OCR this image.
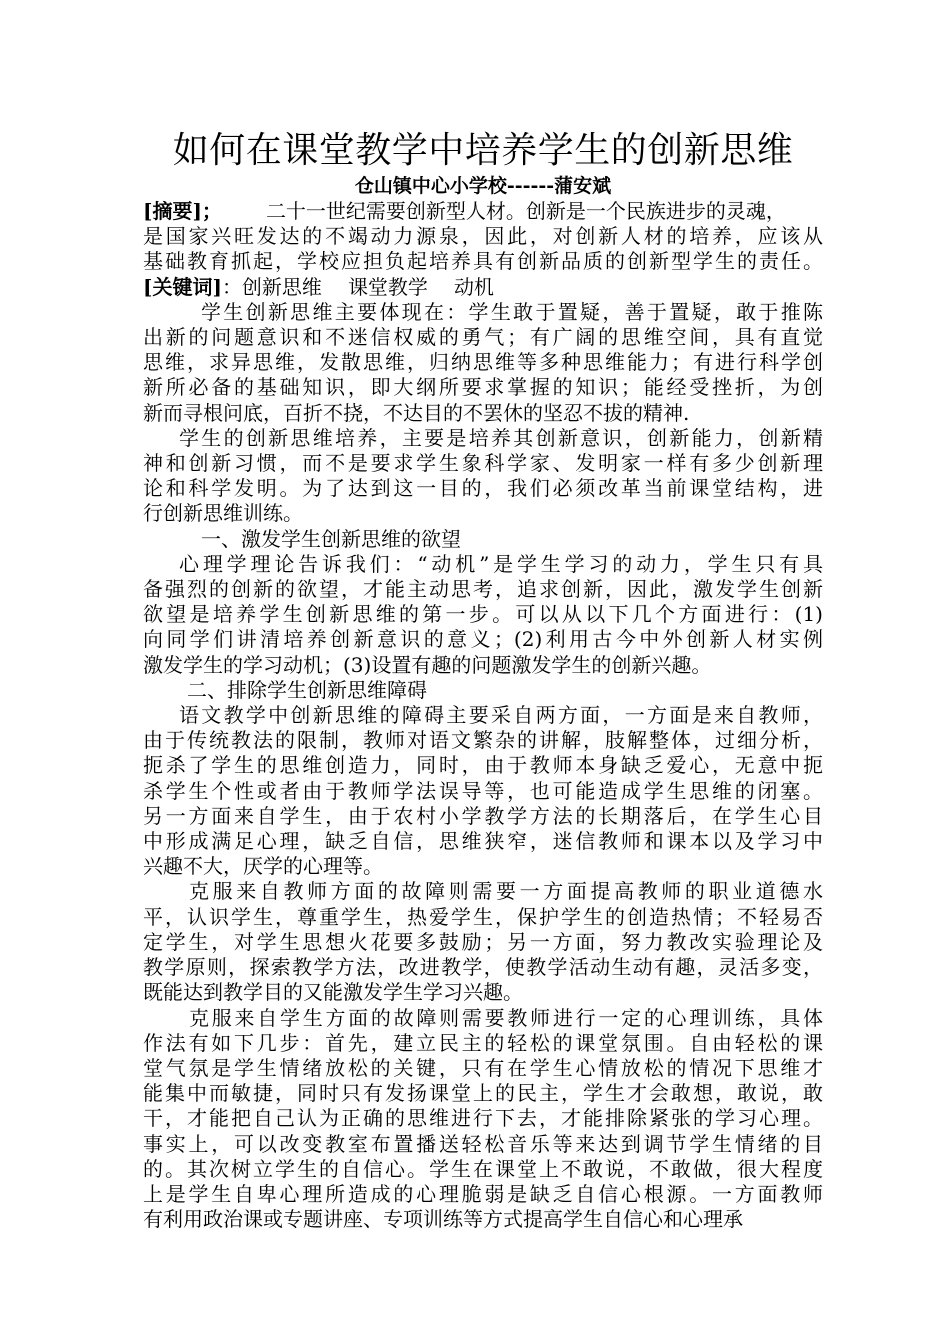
如何在课堂教学中培养学生的创新思维

仓山镇中心小学校------蒲安斌

[摘要]； 二十一世纪需要创新型人材。创新是一个民族进步的灵魂，
是国家兴旺发达的不竭动力源泉，因此，对创新人材的培养，应该从
基础教育抓起，学校应担负起培养具有创新品质的创新型学生的责任。
[关键词]：创新思维 课堂教学 动机
学生创新思维主要体现在：学生敢于置疑，善于置疑，敢于推陈
出新的问题意识和不迷信权威的勇气；有广阔的思维空间，具有直觉
思维，求异思维，发散思维，归纳思维等多种思维能力；有进行科学创
新所必备的基础知识，即大纲所要求掌握的知识；能经受挫折，为创
新而寻根问底，百折不挠，不达目的不罢休的坚忍不拔的精神.
学生的创新思维培养，主要是培养其创新意识，创新能力，创新精
神和创新习惯，而不是要求学生象科学家、发明家一样有多少创新理
论和科学发明。为了达到这一目的，我们必须改革当前课堂结构，进
行创新思维训练。
一、激发学生创新思维的欲望
心理学理论告诉我们：“动机”是学生学习的动力，学生只有具
备强烈的创新的欲望，才能主动思考，追求创新，因此，激发学生创新
欲望是培养学生创新思维的第一步。可以从以下几个方面进行：(1)
向同学们讲清培养创新意识的意义；(2)利用古今中外创新人材实例
激发学生的学习动机；(3)设置有趣的问题激发学生的创新兴趣。
二、排除学生创新思维障碍
语文教学中创新思维的障碍主要采自两方面，一方面是来自教师，
由于传统教法的限制，教师对语文繁杂的讲解，肢解整体，过细分析，
扼杀了学生的思维创造力，同时，由于教师本身缺乏爱心，无意中扼
杀学生个性或者由于教师学法误导等，也可能造成学生思维的闭塞。
另一方面来自学生，由于农村小学教学方法的长期落后，在学生心目
中形成满足心理，缺乏自信，思维狭窄，迷信教师和课本以及学习中
兴趣不大，厌学的心理等。
克服来自教师方面的故障则需要一方面提高教师的职业道德水
平，认识学生，尊重学生，热爱学生，保护学生的创造热情；不轻易否
定学生，对学生思想火花要多鼓励；另一方面，努力教改实验理论及
教学原则，探索教学方法，改进教学，使教学活动生动有趣，灵活多变，
既能达到教学目的又能激发学生学习兴趣。
克服来自学生方面的故障则需要教师进行一定的心理训练，具体
作法有如下几步：首先，建立民主的轻松的课堂氛围。自由轻松的课
堂气氛是学生情绪放松的关键，只有在学生心情放松的情况下思维才
能集中而敏捷，同时只有发扬课堂上的民主，学生才会敢想，敢说，敢
干，才能把自己认为正确的思维进行下去，才能排除紧张的学习心理。
事实上，可以改变教室布置播送轻松音乐等来达到调节学生情绪的目
的。其次树立学生的自信心。学生在课堂上不敢说，不敢做，很大程度
上是学生自卑心理所造成的心理脆弱是缺乏自信心根源。一方面教师
有利用政治课或专题讲座、专项训练等方式提高学生自信心和心理承
